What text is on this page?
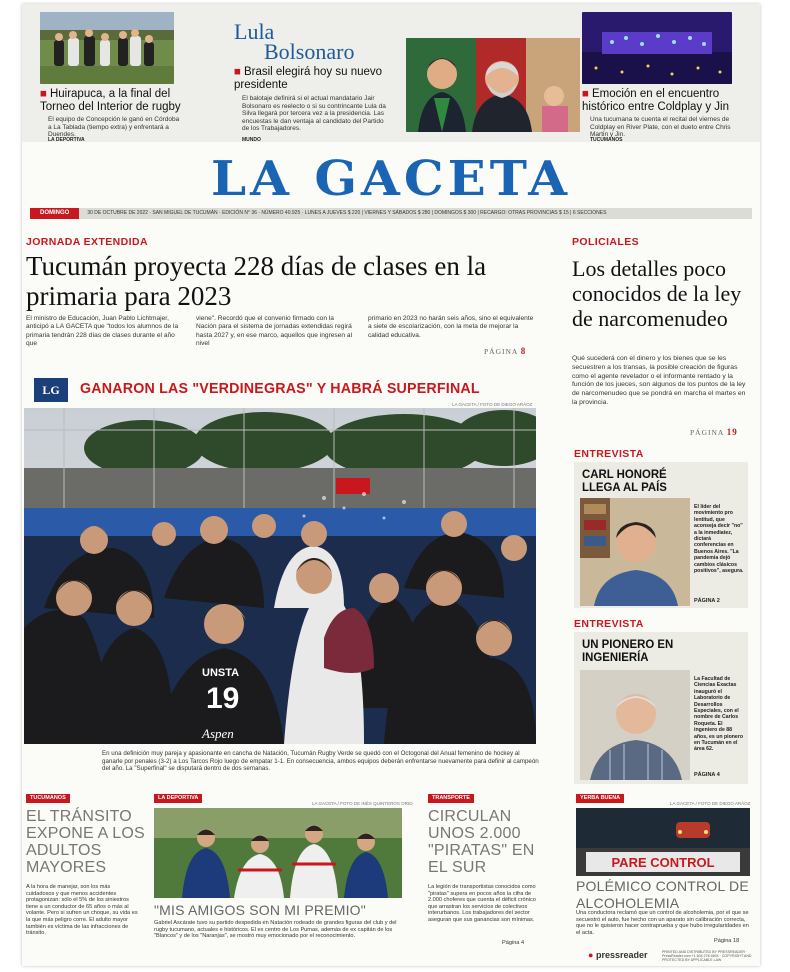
■ Huirapuca, a la final del Torneo del Interior de rugby
El equipo de Concepción le ganó en Córdoba a La Tablada (tiempo extra) y enfrentará a Duendes.
LA DEPORTIVA
Lula
Bolsonaro
■ Brasil elegirá hoy su nuevo presidente
El balotaje definirá si el actual mandatario Jair Bolsonaro es reelecto o si su contrincante Lula da Silva llegará por tercera vez a la presidencia. Las encuestas le dan ventaja al candidato del Partido de los Trabajadores.
MUNDO
■ Emoción en el encuentro histórico entre Coldplay y Jin
Una tucumana te cuenta el recital del viernes de Coldplay en River Plate, con el dueto entre Chris Martin y Jin.
TUCUMANOS
LA GACETA
DOMINGO	30 DE OCTUBRE DE 2022 · SAN MIGUEL DE TUCUMÁN · EDICIÓN N° 36 · NÚMERO 40.925 · LUNES A JUEVES $ 220 | VIERNES Y SÁBADOS $ 280 | DOMINGOS $ 300 | RECARGO: OTRAS PROVINCIAS $ 15 | 6 SECCIONES
JORNADA EXTENDIDA
Tucumán proyecta 228 días de clases en la primaria para 2023
El ministro de Educación, Juan Pablo Lichtmajer, anticipó a LA GACETA que "todos los alumnos de la primaria tendrán 228 días de clases durante el año que
viene". Recordó que el convenio firmado con la Nación para el sistema de jornadas extendidas regirá hasta 2027 y, en ese marco, aquellos que ingresen al nivel
primario en 2023 no harán seis años, sino el equivalente a siete de escolarización, con la meta de mejorar la calidad educativa.
PÁGINA 8
POLICIALES
Los detalles poco conocidos de la ley de narcomenudeo
Qué sucederá con el dinero y los bienes que se les secuestren a los transas, la posible creación de figuras como el agente revelador o el informante rentado y la función de los jueces, son algunos de los puntos de la ley de narcomenudeo que se pondrá en marcha el martes en la provincia.
PÁGINA 19
LG	GANARON LAS "VERDINEGRAS" Y HABRÁ SUPERFINAL
LA GACETA / FOTO DE DIEGO ARÁOZ
UNSTA
19
Aspen
En una definición muy pareja y apasionante en cancha de Natación, Tucumán Rugby Verde se quedó con el Octogonal del Anual femenino de hockey al ganarle por penales (3-2) a Los Tarcos Rojo luego de empatar 1-1. En consecuencia, ambos equipos deberán enfrentarse nuevamente para definir al campeón del año. La "Superfinal" se disputará dentro de dos semanas.
ENTREVISTA
CARL HONORÉ LLEGA AL PAÍS
El líder del movimiento pro lentitud, que aconseja decir "no" a la inmediatez, dictará conferencias en Buenos Aires. "La pandemia dejó cambios clásicos positivos", asegura.
PÁGINA 2
ENTREVISTA
UN PIONERO EN INGENIERÍA
La Facultad de Ciencias Exactas inauguró el Laboratorio de Desarrollos Especiales, con el nombre de Carlos Roqueta. El ingeniero de 88 años, es un pionero en Tucumán en el área 62.
PÁGINA 4
TUCUMANOS
EL TRÁNSITO EXPONE A LOS ADULTOS MAYORES
A la hora de manejar, son los más cuidadosos y que menos accidentes protagonizan: sólo el 5% de los siniestros tiene a un conductor de 65 años o más al volante. Pero si sufren un choque, su vida es la que más peligro corre. El adulto mayor también es víctima de las infracciones de tránsito.
LA DEPORTIVA
LA GACETA / FOTO DE INÉS QUINTEROS ORIO
"MIS AMIGOS SON MI PREMIO"
Gabriel Ascárate tuvo su partido despedida en Natación rodeado de grandes figuras del club y del rugby tucumano, actuales e históricos. El ex centro de Los Pumas, además de ex capitán de los "Blancos" y de los "Naranjas", se mostró muy emocionado por el reconocimiento.
TRANSPORTE
CIRCULAN UNOS 2.000 "PIRATAS" EN EL SUR
La legión de transportistas conocidos como "piratas" supera en pocos años la cifra de 2.000 choferes que cuenta el déficit crónico que arrastran los servicios de colectivos interurbanos. Los trabajadores del sector aseguran que sus ganancias son mínimas.
Página 4
YERBA BUENA
LA GACETA / FOTO DE DIEGO ARÁOZ
PARE CONTROL
POLÉMICO CONTROL DE ALCOHOLEMIA
Una conductora reclamó que un control de alcoholemia, por el que se secuestró el auto, fue hecho con un aparato sin calibración correcta, que no le quisieron hacer contraprueba y que hubo irregularidades en el acta.
Página 18
● pressreader	PRINTED AND DISTRIBUTED BY PRESSREADER · PressReader.com +1 604 278 4604 · COPYRIGHT AND PROTECTED BY APPLICABLE LAW
